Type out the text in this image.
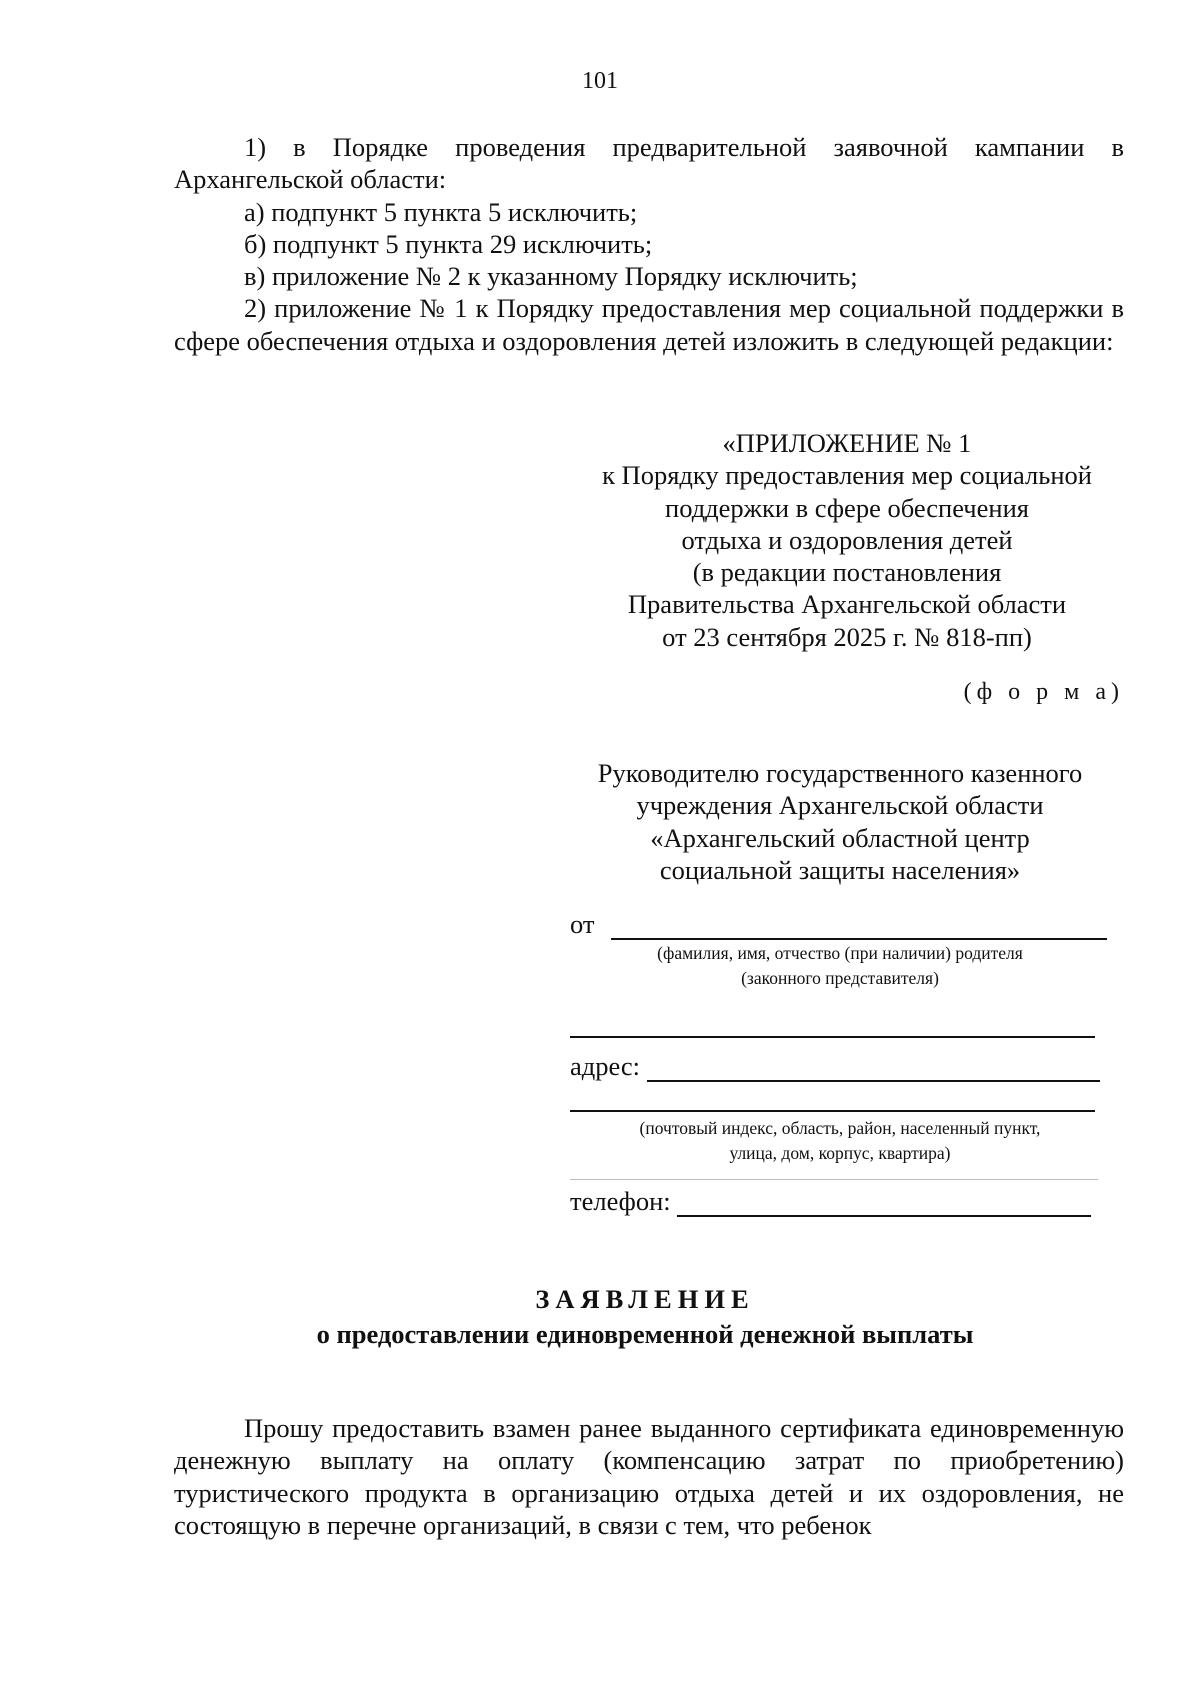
101

1) в Порядке проведения предварительной заявочной кампании в Архангельской области:

а) подпункт 5 пункта 5 исключить;

б) подпункт 5 пункта 29 исключить;

в) приложение № 2 к указанному Порядку исключить;

2) приложение № 1 к Порядку предоставления мер социальной поддержки в сфере обеспечения отдыха и оздоровления детей изложить в следующей редакции:

«ПРИЛОЖЕНИЕ № 1
к Порядку предоставления мер социальной
поддержки в сфере обеспечения
отдыха и оздоровления детей
(в редакции постановления
Правительства Архангельской области
от 23 сентября 2025 г. № 818-пп)
(ф о р м а)
Руководителю государственного казенного
учреждения Архангельской области
«Архангельский областной центр
социальной защиты населения»
от
(фамилия, имя, отчество (при наличии) родителя
(законного представителя)
адрес:
(почтовый индекс, область, район, населенный пункт,
улица, дом, корпус, квартира)
телефон:
ЗАЯВЛЕНИЕ
о предоставлении единовременной денежной выплаты

Прошу предоставить взамен ранее выданного сертификата единовременную денежную выплату на оплату (компенсацию затрат по приобретению) туристического продукта в организацию отдыха детей и их оздоровления, не состоящую в перечне организаций, в связи с тем, что ребенок
